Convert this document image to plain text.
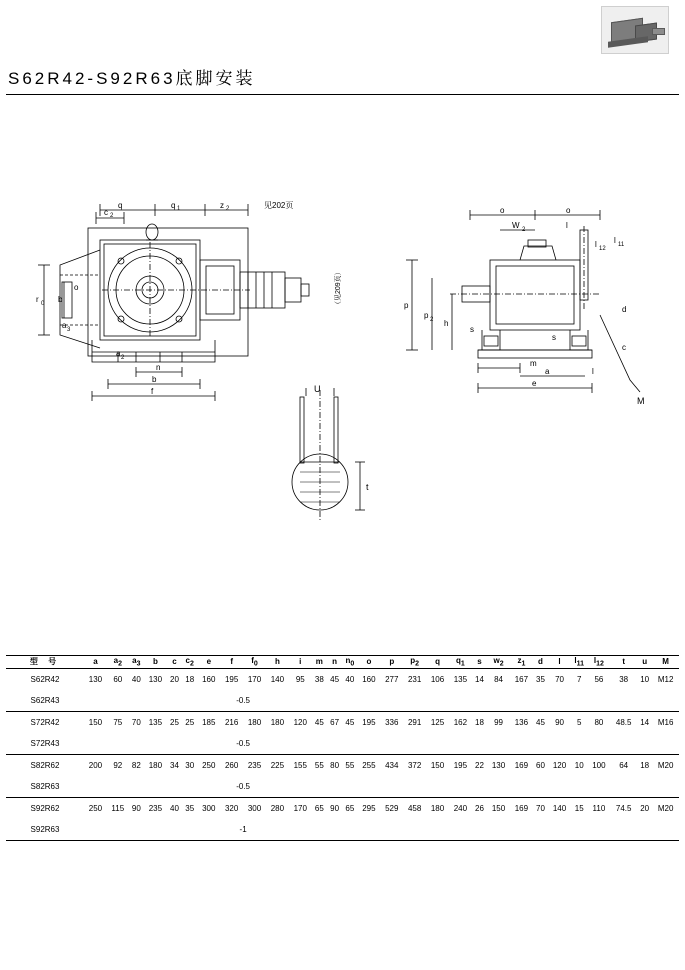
S62R42-S92R63底脚安装
c 2
q	q 1	z 2	见202页
r 0 b
o
a 3
a 2
n
b
f
（见209页）
o	o
W 2	l
l 11
l 12
p
p 2 h
s
s
d
c
m
a	l
e
M
U
t
型 号	a	a2	a3	b	c	c2	e	f	f0	h	i	m	n	n0	o	p	p2	q	q1	s	w2	z1	d	l	l11	l12	t	u	M
S62R42	130	60	40	130	20	18	160	195	170	140	95	38	45	40	160	277	231	106	135	14	84	167	35	70	7	56	38	10	M12
S62R43								-0.5																					
S72R42	150	75	70	135	25	25	185	216	180	180	120	45	67	45	195	336	291	125	162	18	99	136	45	90	5	80	48.5	14	M16
S72R43								-0.5																					
S82R62	200	92	82	180	34	30	250	260	235	225	155	55	80	55	255	434	372	150	195	22	130	169	60	120	10	100	64	18	M20
S82R63								-0.5																					
S92R62	250	115	90	235	40	35	300	320	300	280	170	65	90	65	295	529	458	180	240	26	150	169	70	140	15	110	74.5	20	M20
S92R63								-1																					
